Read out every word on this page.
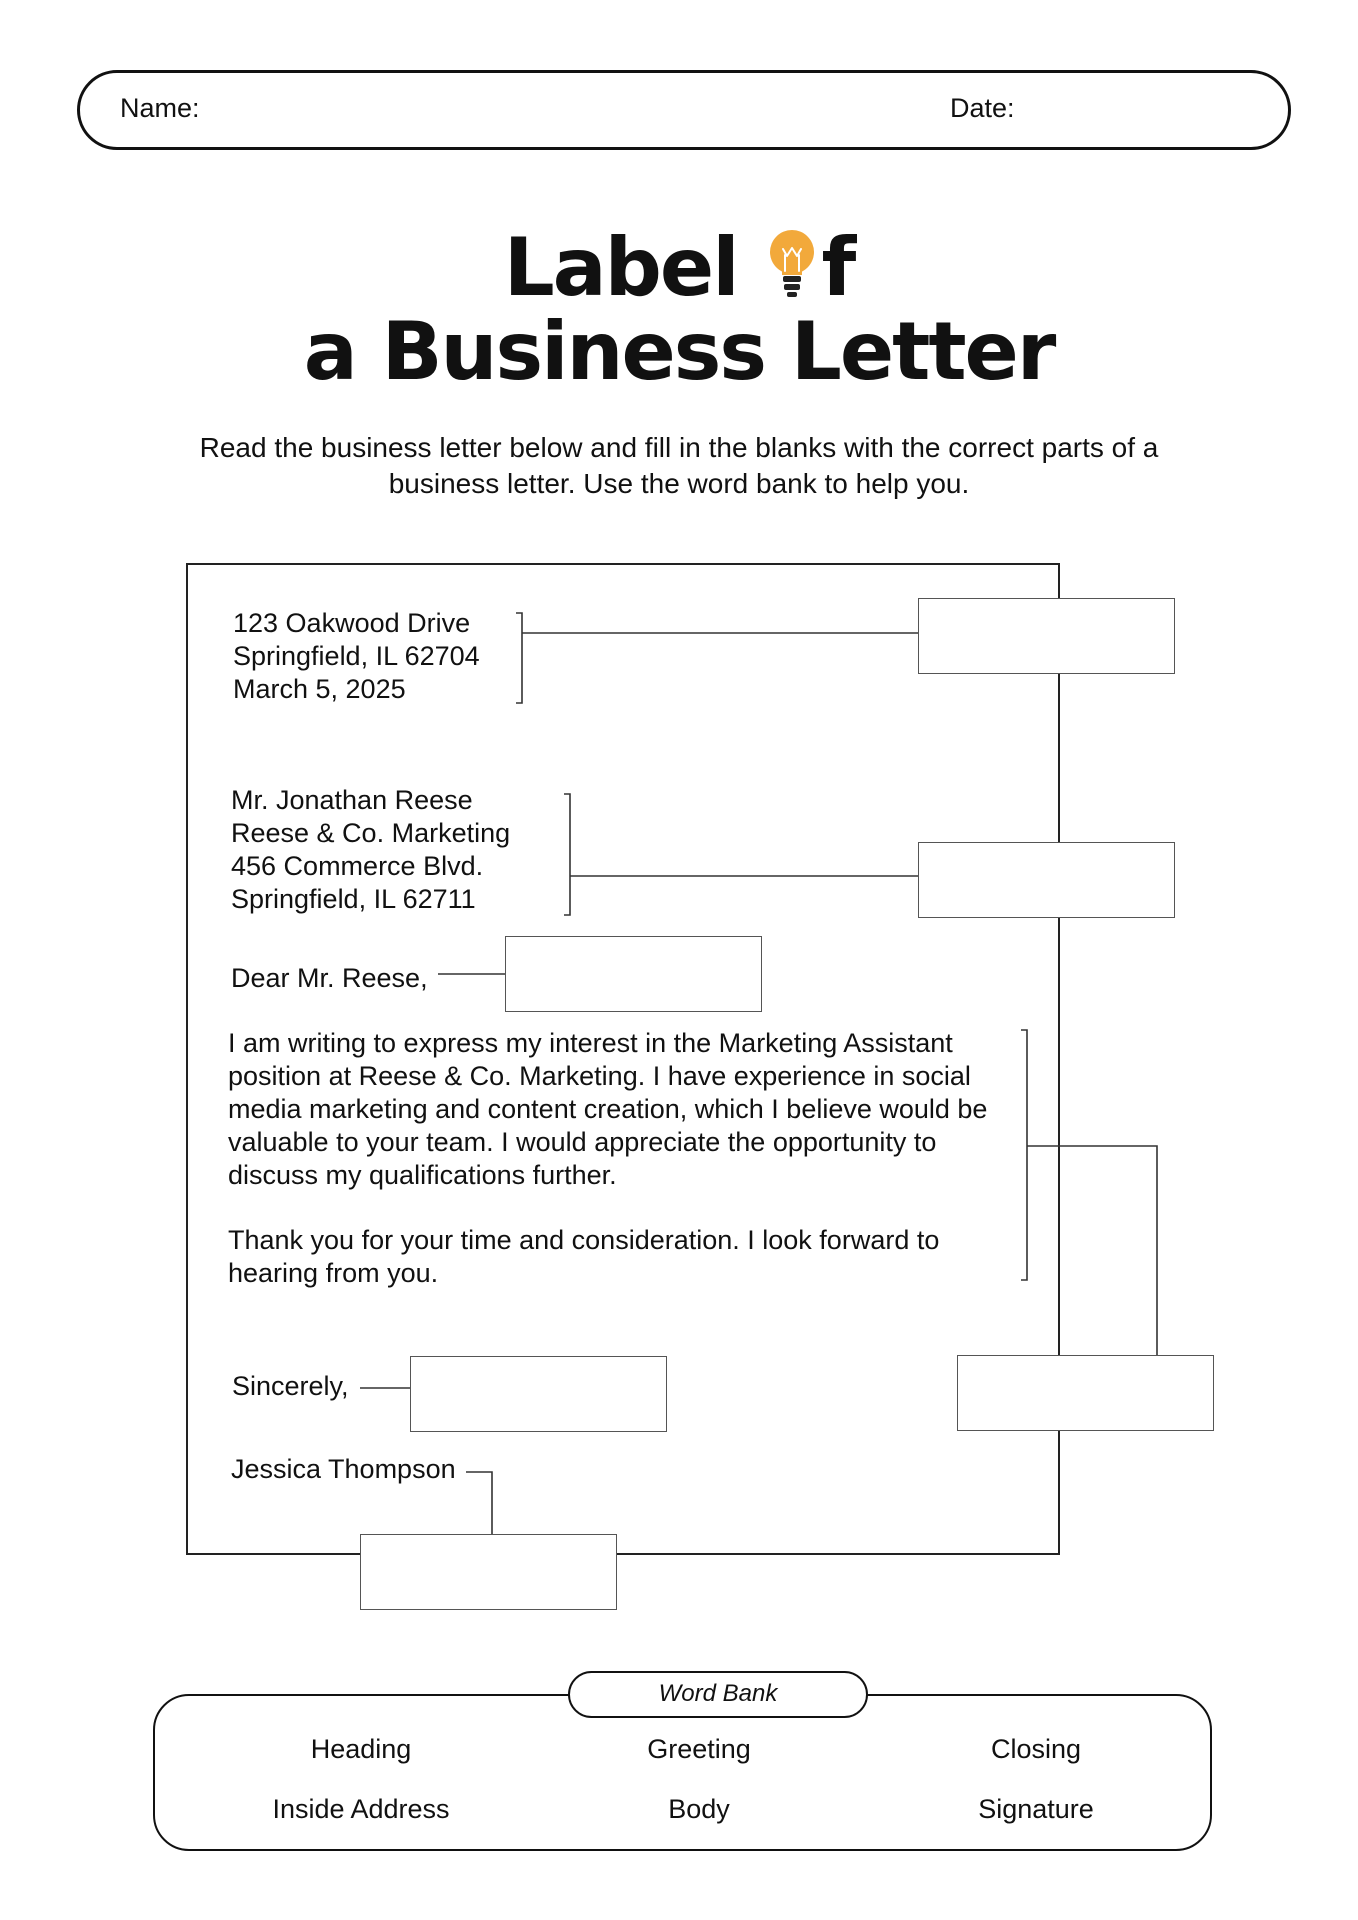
Name:	Date:
Label f
a Business Letter
Read the business letter below and fill in the blanks with the correct parts of a business letter. Use the word bank to help you.
123 Oakwood Drive
Springfield, IL 62704
March 5, 2025
Mr. Jonathan Reese
Reese & Co. Marketing
456 Commerce Blvd.
Springfield, IL 62711
Dear Mr. Reese,
I am writing to express my interest in the Marketing Assistant position at Reese & Co. Marketing. I have experience in social media marketing and content creation, which I believe would be valuable to your team. I would appreciate the opportunity to discuss my qualifications further.
Thank you for your time and consideration. I look forward to hearing from you.
Sincerely,
Jessica Thompson
Word Bank
Heading	Greeting	Closing
Inside Address	Body	Signature
